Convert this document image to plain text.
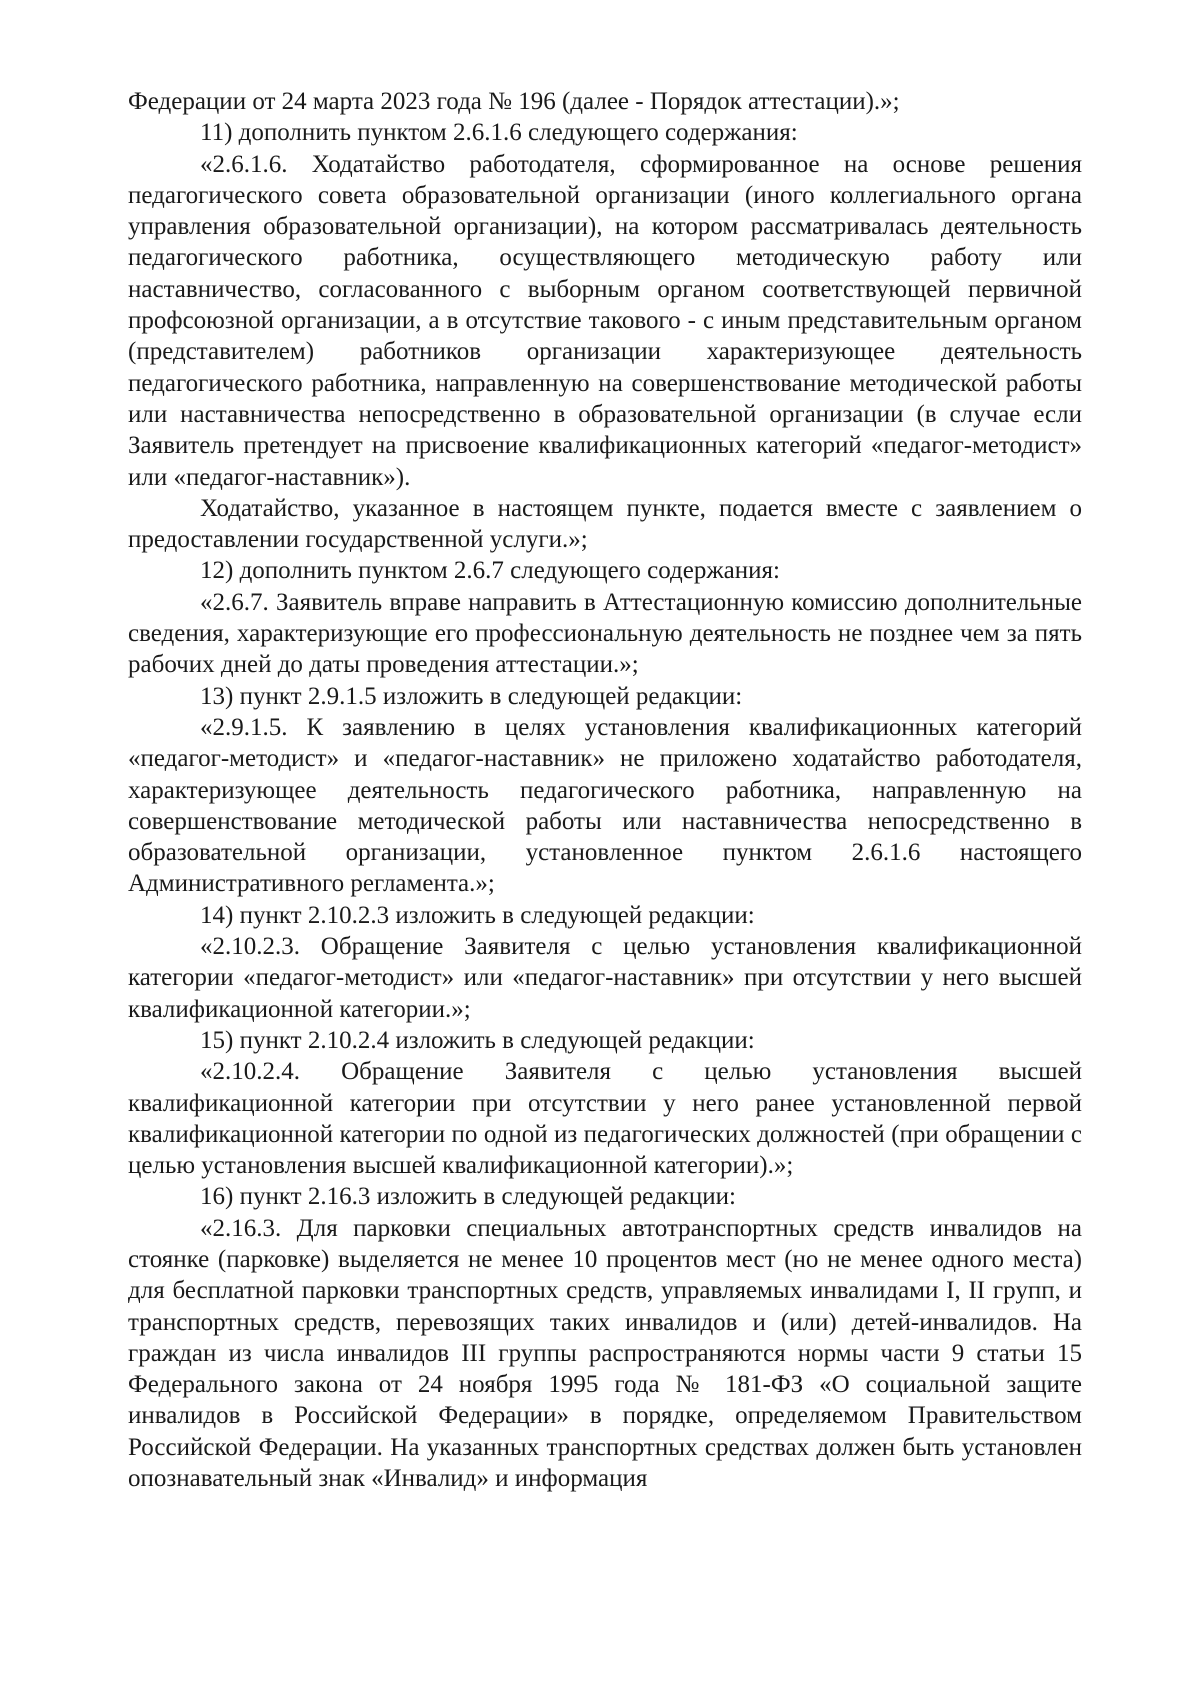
Федерации от 24 марта 2023 года № 196 (далее - Порядок аттестации).»;

11) дополнить пунктом 2.6.1.6 следующего содержания:

«2.6.1.6. Ходатайство работодателя, сформированное на основе решения педагогического совета образовательной организации (иного коллегиального органа управления образовательной организации), на котором рассматривалась деятельность педагогического работника, осуществляющего методическую работу или наставничество, согласованного с выборным органом соответствующей первичной профсоюзной организации, а в отсутствие такового - с иным представительным органом (представителем) работников организации характеризующее деятельность педагогического работника, направленную на совершенствование методической работы или наставничества непосредственно в образовательной организации (в случае если Заявитель претендует на присвоение квалификационных категорий «педагог-методист» или «педагог-наставник»).

Ходатайство, указанное в настоящем пункте, подается вместе с заявлением о предоставлении государственной услуги.»;

12) дополнить пунктом 2.6.7 следующего содержания:

«2.6.7. Заявитель вправе направить в Аттестационную комиссию дополнительные сведения, характеризующие его профессиональную деятельность не позднее чем за пять рабочих дней до даты проведения аттестации.»;

13) пункт 2.9.1.5 изложить в следующей редакции:

«2.9.1.5. К заявлению в целях установления квалификационных категорий «педагог-методист» и «педагог-наставник» не приложено ходатайство работодателя, характеризующее деятельность педагогического работника, направленную на совершенствование методической работы или наставничества непосредственно в образовательной организации, установленное пунктом 2.6.1.6 настоящего Административного регламента.»;

14) пункт 2.10.2.3 изложить в следующей редакции:

«2.10.2.3. Обращение Заявителя с целью установления квалификационной категории «педагог-методист» или «педагог-наставник» при отсутствии у него высшей квалификационной категории.»;

15) пункт 2.10.2.4 изложить в следующей редакции:

«2.10.2.4. Обращение Заявителя с целью установления высшей квалификационной категории при отсутствии у него ранее установленной первой квалификационной категории по одной из педагогических должностей (при обращении с целью установления высшей квалификационной категории).»;

16) пункт 2.16.3 изложить в следующей редакции:

«2.16.3. Для парковки специальных автотранспортных средств инвалидов на стоянке (парковке) выделяется не менее 10 процентов мест (но не менее одного места) для бесплатной парковки транспортных средств, управляемых инвалидами I, II групп, и транспортных средств, перевозящих таких инвалидов и (или) детей-инвалидов. На граждан из числа инвалидов III группы распространяются нормы части 9 статьи 15 Федерального закона от 24 ноября 1995 года № 181-ФЗ «О социальной защите инвалидов в Российской Федерации» в порядке, определяемом Правительством Российской Федерации. На указанных транспортных средствах должен быть установлен опознавательный знак «Инвалид» и информация
